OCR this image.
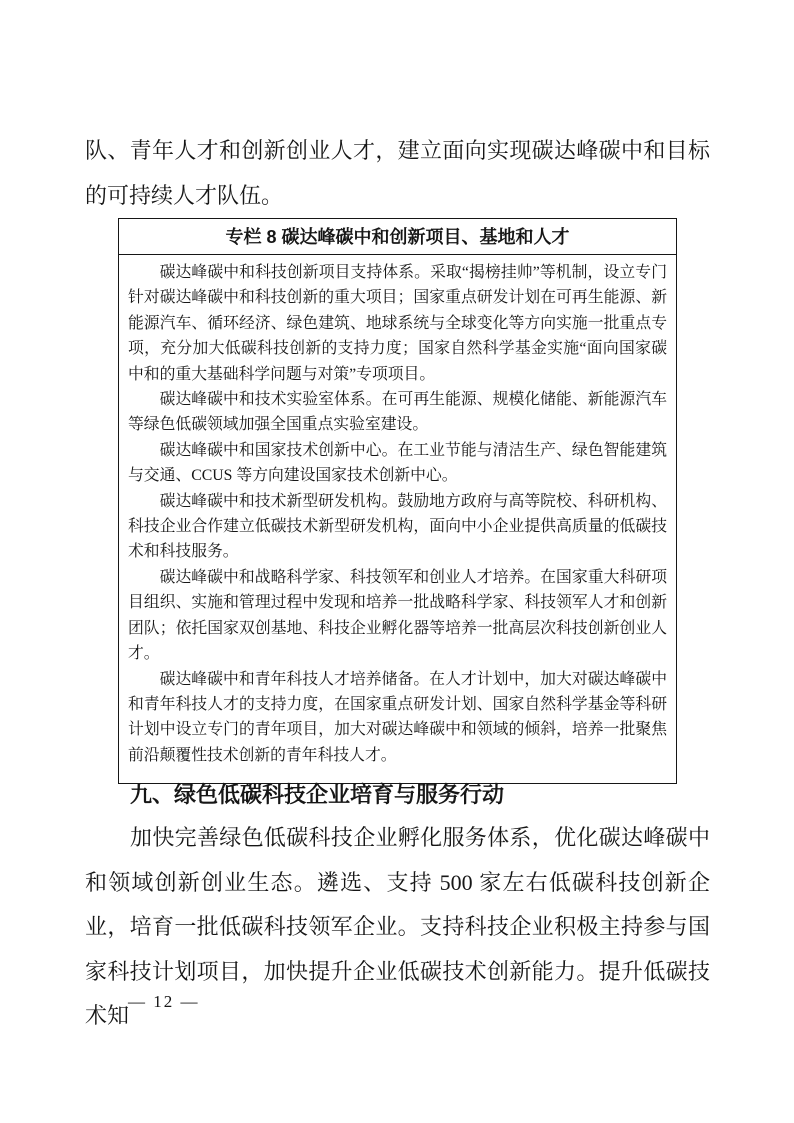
队、青年人才和创新创业人才，建立面向实现碳达峰碳中和目标的可持续人才队伍。

专栏 8 碳达峰碳中和创新项目、基地和人才

碳达峰碳中和科技创新项目支持体系。采取“揭榜挂帅”等机制，设立专门针对碳达峰碳中和科技创新的重大项目；国家重点研发计划在可再生能源、新能源汽车、循环经济、绿色建筑、地球系统与全球变化等方向实施一批重点专项，充分加大低碳科技创新的支持力度；国家自然科学基金实施“面向国家碳中和的重大基础科学问题与对策”专项项目。

碳达峰碳中和技术实验室体系。在可再生能源、规模化储能、新能源汽车等绿色低碳领域加强全国重点实验室建设。

碳达峰碳中和国家技术创新中心。在工业节能与清洁生产、绿色智能建筑与交通、CCUS 等方向建设国家技术创新中心。

碳达峰碳中和技术新型研发机构。鼓励地方政府与高等院校、科研机构、科技企业合作建立低碳技术新型研发机构，面向中小企业提供高质量的低碳技术和科技服务。

碳达峰碳中和战略科学家、科技领军和创业人才培养。在国家重大科研项目组织、实施和管理过程中发现和培养一批战略科学家、科技领军人才和创新团队；依托国家双创基地、科技企业孵化器等培养一批高层次科技创新创业人才。

碳达峰碳中和青年科技人才培养储备。在人才计划中，加大对碳达峰碳中和青年科技人才的支持力度，在国家重点研发计划、国家自然科学基金等科研计划中设立专门的青年项目，加大对碳达峰碳中和领域的倾斜，培养一批聚焦前沿颠覆性技术创新的青年科技人才。

九、绿色低碳科技企业培育与服务行动

加快完善绿色低碳科技企业孵化服务体系，优化碳达峰碳中和领域创新创业生态。遴选、支持 500 家左右低碳科技创新企业，培育一批低碳科技领军企业。支持科技企业积极主持参与国家科技计划项目，加快提升企业低碳技术创新能力。提升低碳技术知

— 12 —
